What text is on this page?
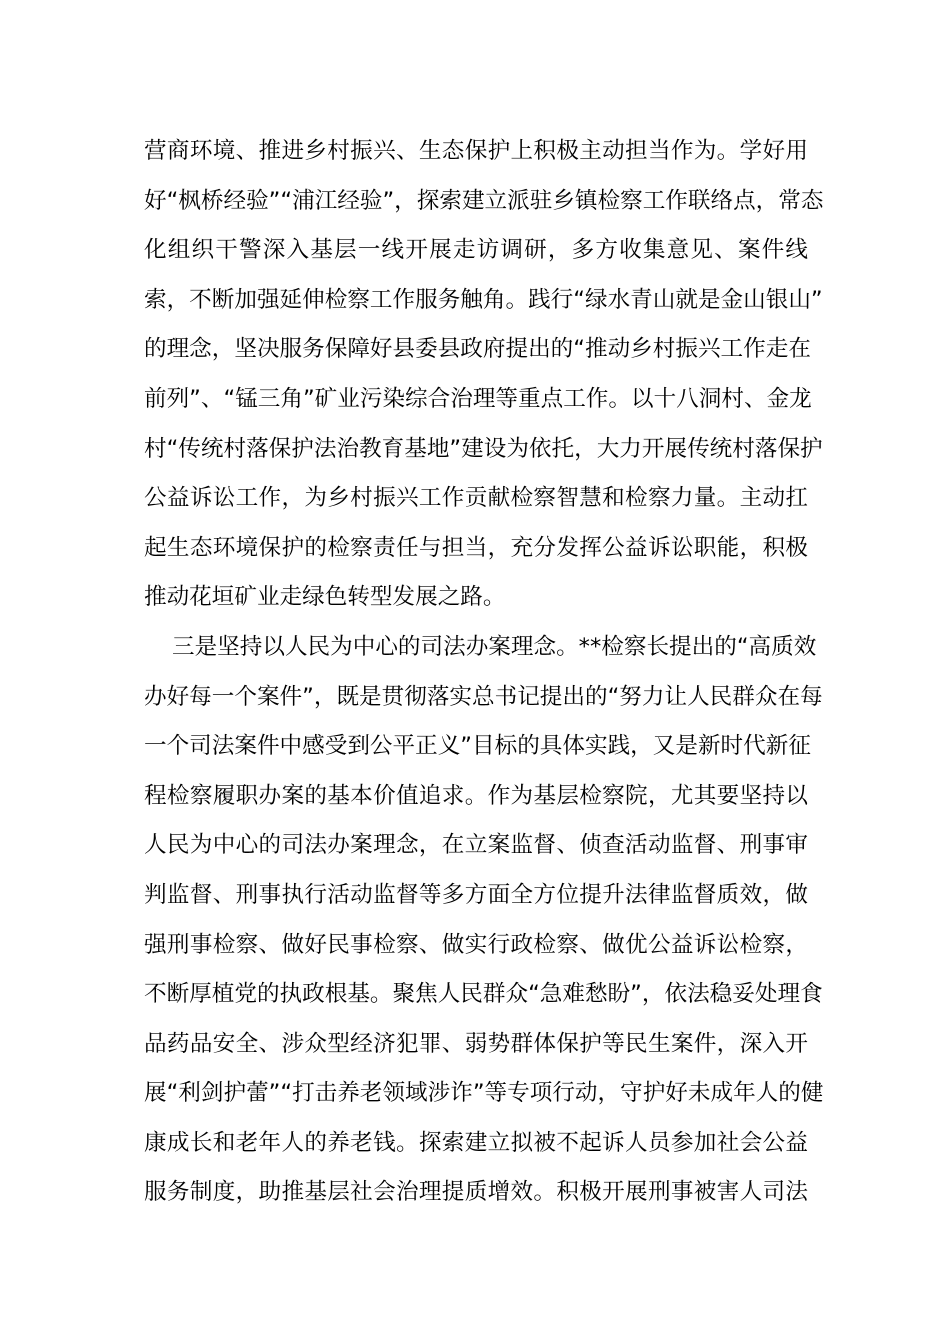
营商环境、推进乡村振兴、生态保护上积极主动担当作为。学好用
好“枫桥经验”“浦江经验”，探索建立派驻乡镇检察工作联络点，常态
化组织干警深入基层一线开展走访调研，多方收集意见、案件线
索，不断加强延伸检察工作服务触角。践行“绿水青山就是金山银山”
的理念，坚决服务保障好县委县政府提出的“推动乡村振兴工作走在
前列”、“锰三角”矿业污染综合治理等重点工作。以十八洞村、金龙
村“传统村落保护法治教育基地”建设为依托，大力开展传统村落保护
公益诉讼工作，为乡村振兴工作贡献检察智慧和检察力量。主动扛
起生态环境保护的检察责任与担当，充分发挥公益诉讼职能，积极
推动花垣矿业走绿色转型发展之路。
三是坚持以人民为中心的司法办案理念。**检察长提出的“高质效
办好每一个案件”，既是贯彻落实总书记提出的“努力让人民群众在每
一个司法案件中感受到公平正义”目标的具体实践，又是新时代新征
程检察履职办案的基本价值追求。作为基层检察院，尤其要坚持以
人民为中心的司法办案理念，在立案监督、侦查活动监督、刑事审
判监督、刑事执行活动监督等多方面全方位提升法律监督质效，做
强刑事检察、做好民事检察、做实行政检察、做优公益诉讼检察，
不断厚植党的执政根基。聚焦人民群众“急难愁盼”，依法稳妥处理食
品药品安全、涉众型经济犯罪、弱势群体保护等民生案件，深入开
展“利剑护蕾”“打击养老领域涉诈”等专项行动，守护好未成年人的健
康成长和老年人的养老钱。探索建立拟被不起诉人员参加社会公益
服务制度，助推基层社会治理提质增效。积极开展刑事被害人司法
